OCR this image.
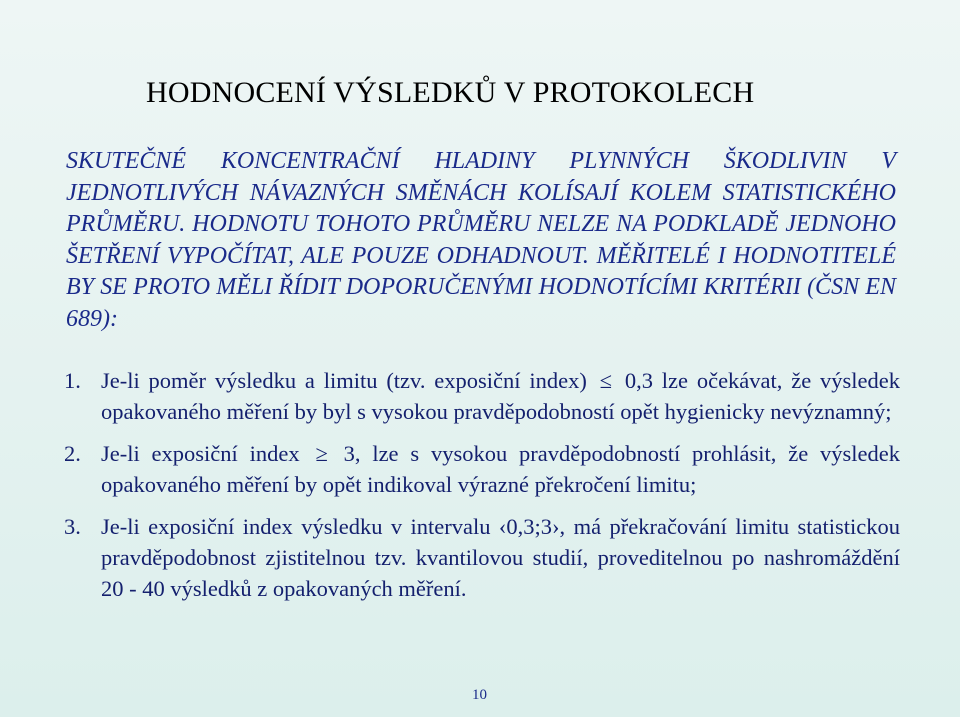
HODNOCENÍ VÝSLEDKŮ V PROTOKOLECH

SKUTEČNÉ KONCENTRAČNÍ HLADINY PLYNNÝCH ŠKODLIVIN V JEDNOTLIVÝCH NÁVAZNÝCH SMĚNÁCH KOLÍSAJÍ KOLEM STATISTICKÉHO PRŮMĚRU. HODNOTU TOHOTO PRŮMĚRU NELZE NA PODKLADĚ JEDNOHO ŠETŘENÍ VYPOČÍTAT, ALE POUZE ODHADNOUT. MĚŘITELÉ I HODNOTITELÉ BY SE PROTO MĚLI ŘÍDIT DOPORUČENÝMI HODNOTÍCÍMI KRITÉRII (ČSN EN 689):

1. Je-li poměr výsledku a limitu (tzv. exposiční index) ≤ 0,3 lze očekávat, že výsledek opakovaného měření by byl s vysokou pravděpodobností opět hygienicky nevýznamný;
2. Je-li exposiční index ≥ 3, lze s vysokou pravděpodobností prohlásit, že výsledek opakovaného měření by opět indikoval výrazné překročení limitu;
3. Je-li exposiční index výsledku v intervalu ‹0,3;3›, má překračování limitu statistickou pravděpodobnost zjistitelnou tzv. kvantilovou studií, proveditelnou po nashromáždění 20 - 40 výsledků z opakovaných měření.
10
